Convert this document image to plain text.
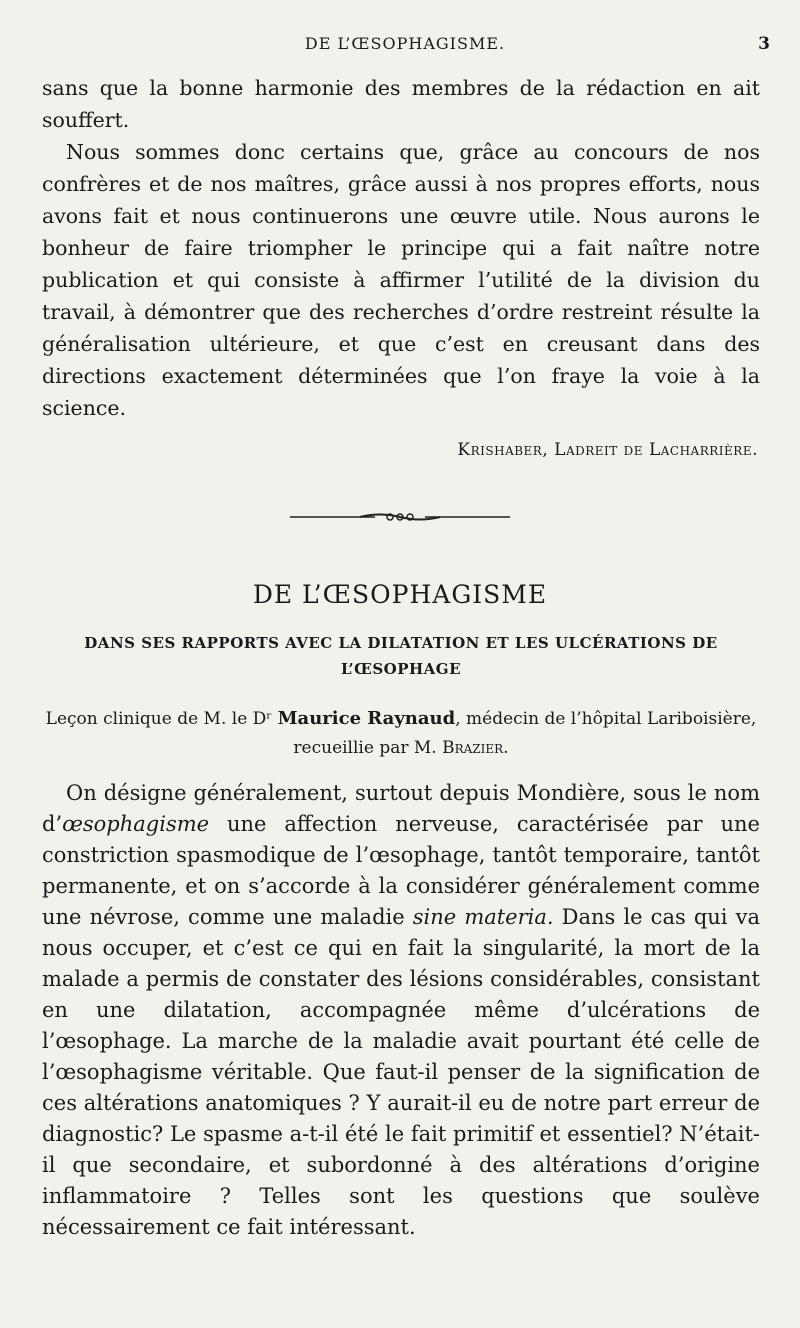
DE L’ŒSOPHAGISME.	3
sans que la bonne harmonie des membres de la rédaction en ait souffert.
Nous sommes donc certains que, grâce au concours de nos confrères et de nos maîtres, grâce aussi à nos propres efforts, nous avons fait et nous continuerons une œuvre utile. Nous aurons le bonheur de faire triompher le principe qui a fait naître notre publication et qui consiste à affirmer l’utilité de la division du travail, à démontrer que des recherches d’ordre restreint résulte la généralisation ultérieure, et que c’est en creusant dans des directions exactement déterminées que l’on fraye la voie à la science.
Krishaber, Ladreit de Lacharrière.
DE L’ŒSOPHAGISME
DANS SES RAPPORTS AVEC LA DILATATION ET LES ULCÉRATIONS DE L’ŒSOPHAGE
Leçon clinique de M. le Dʳ Maurice Raynaud, médecin de l’hôpital Lariboisière, recueillie par M. Brazier.
On désigne généralement, surtout depuis Mondière, sous le nom d’œsophagisme une affection nerveuse, caractérisée par une constriction spasmodique de l’œsophage, tantôt temporaire, tantôt permanente, et on s’accorde à la considérer généralement comme une névrose, comme une maladie sine materia. Dans le cas qui va nous occuper, et c’est ce qui en fait la singularité, la mort de la malade a permis de constater des lésions considérables, consistant en une dilatation, accompagnée même d’ulcérations de l’œsophage. La marche de la maladie avait pourtant été celle de l’œsophagisme véritable. Que faut-il penser de la signification de ces altérations anatomiques ? Y aurait-il eu de notre part erreur de diagnostic? Le spasme a-t-il été le fait primitif et essentiel? N’était-il que secondaire, et subordonné à des altérations d’origine inflammatoire ? Telles sont les questions que soulève nécessairement ce fait intéressant.
